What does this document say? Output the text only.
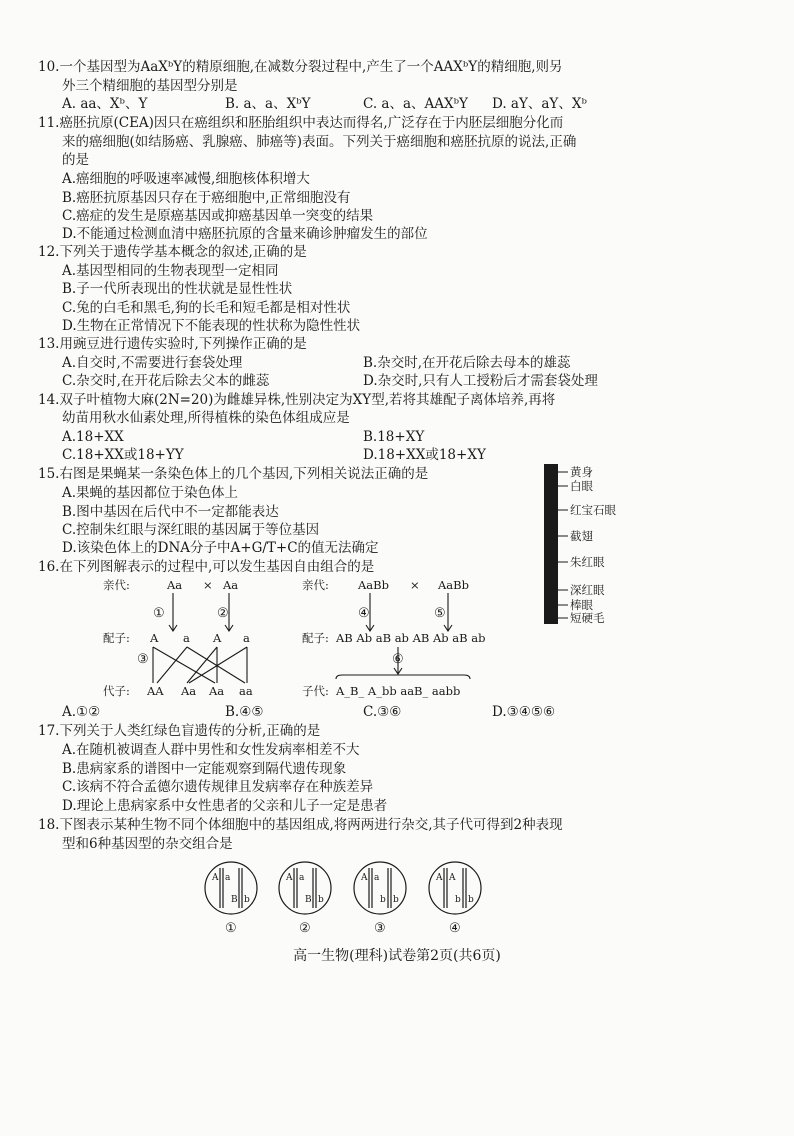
10.一个基因型为AaXᵇY的精原细胞,在减数分裂过程中,产生了一个AAXᵇY的精细胞,则另
外三个精细胞的基因型分别是
A. aa、Xᵇ、Y	B. a、a、XᵇY	C. a、a、AAXᵇY D. aY、aY、Xᵇ
11.癌胚抗原(CEA)因只在癌组织和胚胎组织中表达而得名,广泛存在于内胚层细胞分化而
来的癌细胞(如结肠癌、乳腺癌、肺癌等)表面。下列关于癌细胞和癌胚抗原的说法,正确
的是
A.癌细胞的呼吸速率减慢,细胞核体积增大
B.癌胚抗原基因只存在于癌细胞中,正常细胞没有
C.癌症的发生是原癌基因或抑癌基因单一突变的结果
D.不能通过检测血清中癌胚抗原的含量来确诊肿瘤发生的部位
12.下列关于遗传学基本概念的叙述,正确的是
A.基因型相同的生物表现型一定相同
B.子一代所表现出的性状就是显性性状
C.兔的白毛和黑毛,狗的长毛和短毛都是相对性状
D.生物在正常情况下不能表现的性状称为隐性性状
13.用豌豆进行遗传实验时,下列操作正确的是
A.自交时,不需要进行套袋处理	B.杂交时,在开花后除去母本的雄蕊
C.杂交时,在开花后除去父本的雌蕊	D.杂交时,只有人工授粉后才需套袋处理
14.双子叶植物大麻(2N=20)为雌雄异株,性别决定为XY型,若将其雄配子离体培养,再将
幼苗用秋水仙素处理,所得植株的染色体组成应是
A.18+XX	B.18+XY
C.18+XX或18+YY	D.18+XX或18+XY
15.右图是果蝇某一条染色体上的几个基因,下列相关说法正确的是
A.果蝇的基因都位于染色体上
B.图中基因在后代中不一定都能表达
C.控制朱红眼与深红眼的基因属于等位基因
D.该染色体上的DNA分子中A+G/T+C的值无法确定
黄身
白眼
红宝石眼
截翅
朱红眼
深红眼
棒眼
短硬毛
16.在下列图解表示的过程中,可以发生基因自由组合的是
亲代:	Aa × Aa
①	②
配子: A a A a
③
代子: AA Aa Aa aa
亲代:	AaBb × AaBb
④	⑤
配子: AB Ab aB ab AB Ab aB ab
⑥
子代: A_B_ A_bb aaB_ aabb
A.①②	B.④⑤	C.③⑥	D.③④⑤⑥
17.下列关于人类红绿色盲遗传的分析,正确的是
A.在随机被调查人群中男性和女性发病率相差不大
B.患病家系的谱图中一定能观察到隔代遗传现象
C.该病不符合孟德尔遗传规律且发病率存在种族差异
D.理论上患病家系中女性患者的父亲和儿子一定是患者
18.下图表示某种生物不同个体细胞中的基因组成,将两两进行杂交,其子代可得到2种表现
型和6种基因型的杂交组合是
A a
B b
A a
B b
A a
b b
A A
b b
①	②	③	④
高一生物(理科)试卷第2页(共6页)
